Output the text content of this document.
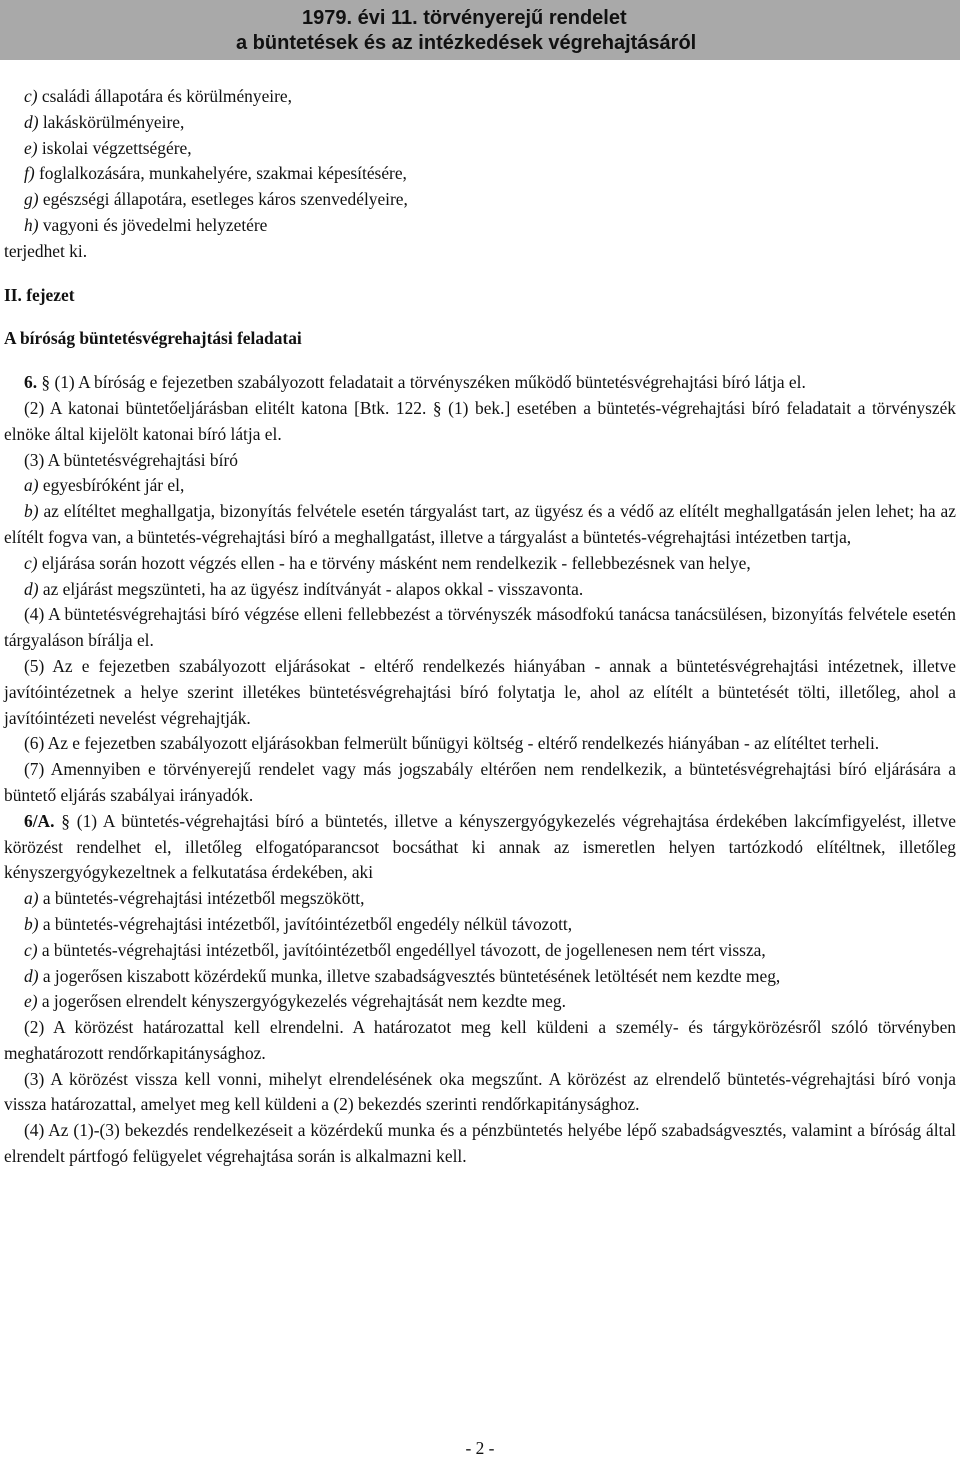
1979. évi 11. törvényerejű rendelet
a büntetések és az intézkedések végrehajtásáról

c) családi állapotára és körülményeire,

d) lakáskörülményeire,

e) iskolai végzettségére,

f) foglalkozására, munkahelyére, szakmai képesítésére,

g) egészségi állapotára, esetleges káros szenvedélyeire,

h) vagyoni és jövedelmi helyzetére

terjedhet ki.

II. fejezet

A bíróság büntetésvégrehajtási feladatai

6. § (1) A bíróság e fejezetben szabályozott feladatait a törvényszéken működő büntetésvégrehajtási bíró látja el.

(2) A katonai büntetőeljárásban elitélt katona [Btk. 122. § (1) bek.] esetében a büntetés-végrehajtási bíró feladatait a törvényszék elnöke által kijelölt katonai bíró látja el.

(3) A büntetésvégrehajtási bíró

a) egyesbíróként jár el,

b) az elítéltet meghallgatja, bizonyítás felvétele esetén tárgyalást tart, az ügyész és a védő az elítélt meghallgatásán jelen lehet; ha az elítélt fogva van, a büntetés-végrehajtási bíró a meghallgatást, illetve a tárgyalást a büntetés-végrehajtási intézetben tartja,

c) eljárása során hozott végzés ellen - ha e törvény másként nem rendelkezik - fellebbezésnek van helye,

d) az eljárást megszünteti, ha az ügyész indítványát - alapos okkal - visszavonta.

(4) A büntetésvégrehajtási bíró végzése elleni fellebbezést a törvényszék másodfokú tanácsa tanácsülésen, bizonyítás felvétele esetén tárgyaláson bírálja el.

(5) Az e fejezetben szabályozott eljárásokat - eltérő rendelkezés hiányában - annak a büntetésvégrehajtási intézetnek, illetve javítóintézetnek a helye szerint illetékes büntetésvégrehajtási bíró folytatja le, ahol az elítélt a büntetését tölti, illetőleg, ahol a javítóintézeti nevelést végrehajtják.

(6) Az e fejezetben szabályozott eljárásokban felmerült bűnügyi költség - eltérő rendelkezés hiányában - az elítéltet terheli.

(7) Amennyiben e törvényerejű rendelet vagy más jogszabály eltérően nem rendelkezik, a büntetésvégrehajtási bíró eljárására a büntető eljárás szabályai irányadók.

6/A. § (1) A büntetés-végrehajtási bíró a büntetés, illetve a kényszergyógykezelés végrehajtása érdekében lakcímfigyelést, illetve körözést rendelhet el, illetőleg elfogatóparancsot bocsáthat ki annak az ismeretlen helyen tartózkodó elítéltnek, illetőleg kényszergyógykezeltnek a felkutatása érdekében, aki

a) a büntetés-végrehajtási intézetből megszökött,

b) a büntetés-végrehajtási intézetből, javítóintézetből engedély nélkül távozott,

c) a büntetés-végrehajtási intézetből, javítóintézetből engedéllyel távozott, de jogellenesen nem tért vissza,

d) a jogerősen kiszabott közérdekű munka, illetve szabadságvesztés büntetésének letöltését nem kezdte meg,

e) a jogerősen elrendelt kényszergyógykezelés végrehajtását nem kezdte meg.

(2) A körözést határozattal kell elrendelni. A határozatot meg kell küldeni a személy- és tárgykörözésről szóló törvényben meghatározott rendőrkapitánysághoz.

(3) A körözést vissza kell vonni, mihelyt elrendelésének oka megszűnt. A körözést az elrendelő büntetés-végrehajtási bíró vonja vissza határozattal, amelyet meg kell küldeni a (2) bekezdés szerinti rendőrkapitánysághoz.

(4) Az (1)-(3) bekezdés rendelkezéseit a közérdekű munka és a pénzbüntetés helyébe lépő szabadságvesztés, valamint a bíróság által elrendelt pártfogó felügyelet végrehajtása során is alkalmazni kell.

- 2 -
